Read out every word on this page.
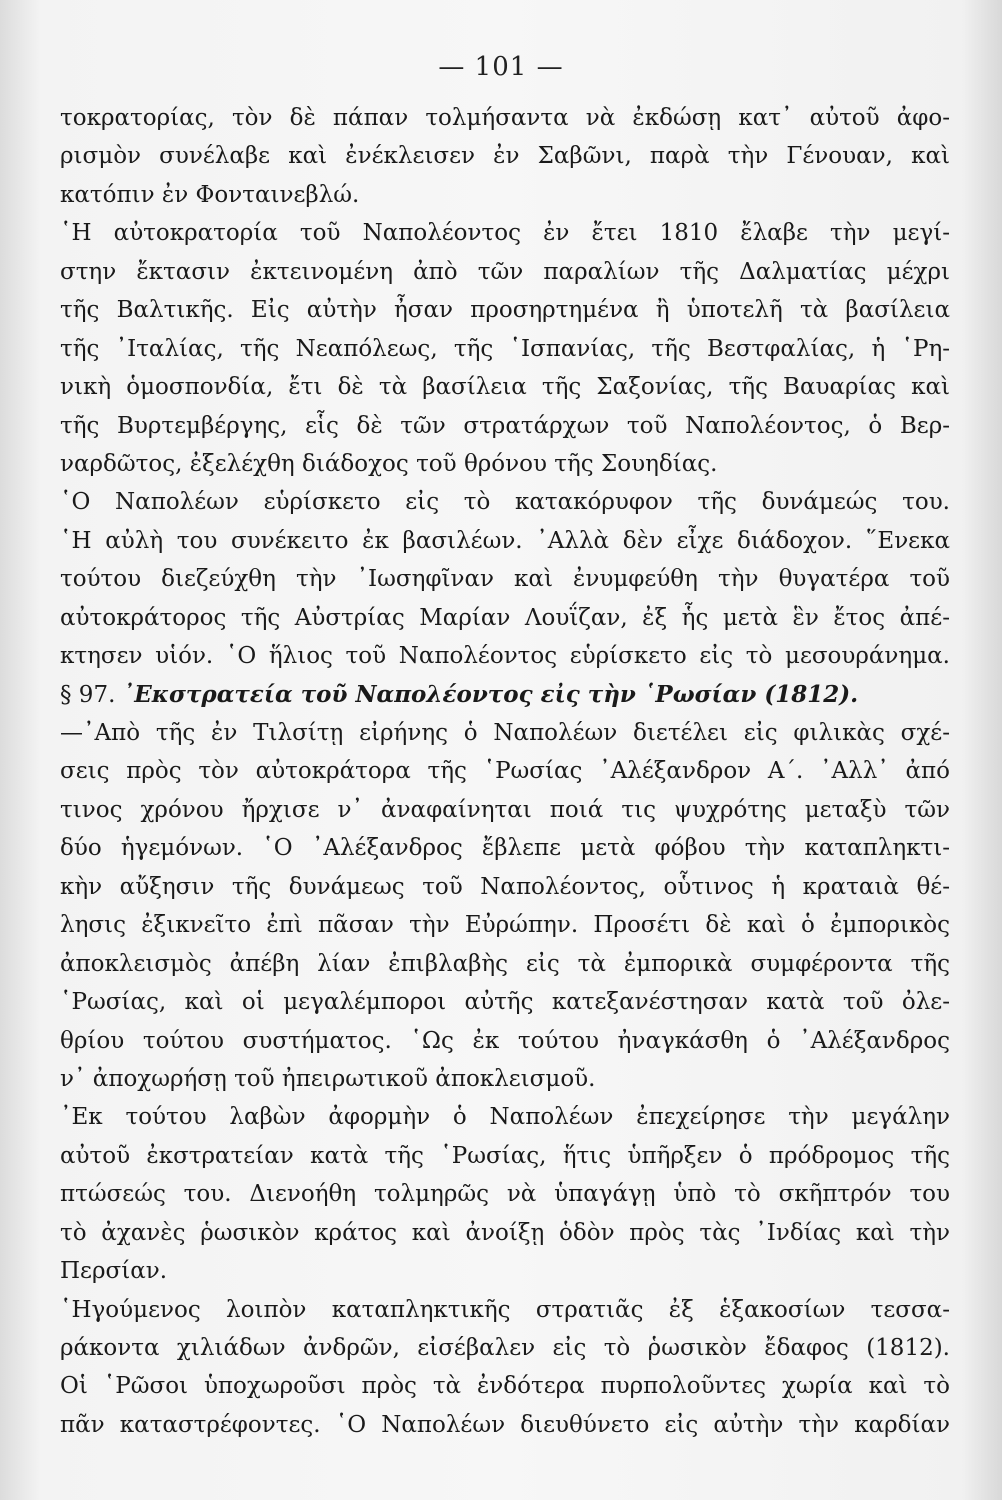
— 101 —
τοκρατορίας, τὸν δὲ πάπαν τολμήσαντα νὰ ἐκδώσῃ κατ᾽ αὐτοῦ ἀφο-
ρισμὸν συνέλαβε καὶ ἐνέκλεισεν ἐν Σαβῶνι, παρὰ τὴν Γένουαν, καὶ
κατόπιν ἐν Φονταινεβλώ.
῾Η αὐτοκρατορία τοῦ Ναπολέοντος ἐν ἔτει 1810 ἔλαβε τὴν μεγί-
στην ἔκτασιν ἐκτεινομένη ἀπὸ τῶν παραλίων τῆς Δαλματίας μέχρι
τῆς Βαλτικῆς. Εἰς αὐτὴν ἦσαν προσηρτημένα ἢ ὑποτελῆ τὰ βασίλεια
τῆς ᾿Ιταλίας, τῆς Νεαπόλεως, τῆς ῾Ισπανίας, τῆς Βεστφαλίας, ἡ ῾Ρη-
νικὴ ὁμοσπονδία, ἔτι δὲ τὰ βασίλεια τῆς Σαξονίας, τῆς Βαυαρίας καὶ
τῆς Βυρτεμβέργης, εἷς δὲ τῶν στρατάρχων τοῦ Ναπολέοντος, ὁ Βερ-
ναρδῶτος, ἐξελέχθη διάδοχος τοῦ θρόνου τῆς Σουηδίας.
῾Ο Ναπολέων εὑρίσκετο εἰς τὸ κατακόρυφον τῆς δυνάμεώς του.
῾Η αὐλὴ του συνέκειτο ἐκ βασιλέων. ᾿Αλλὰ δὲν εἶχε διάδοχον. ῞Ενεκα
τούτου διεζεύχθη τὴν ᾿Ιωσηφῖναν καὶ ἐνυμφεύθη τὴν θυγατέρα τοῦ
αὐτοκράτορος τῆς Αὐστρίας Μαρίαν Λουΐζαν, ἐξ ἧς μετὰ ἓν ἔτος ἀπέ-
κτησεν υἱόν. ῾Ο ἥλιος τοῦ Ναπολέοντος εὑρίσκετο εἰς τὸ μεσουράνημα.
§ 97. ᾿Εκστρατεία τοῦ Ναπολέοντος εἰς τὴν ῾Ρωσίαν (1812).
—᾿Απὸ τῆς ἐν Τιλσίτῃ εἰρήνης ὁ Ναπολέων διετέλει εἰς φιλικὰς σχέ-
σεις πρὸς τὸν αὐτοκράτορα τῆς ῾Ρωσίας ᾿Αλέξανδρον Α΄. ᾿Αλλ᾽ ἀπό
τινος χρόνου ἤρχισε ν᾽ ἀναφαίνηται ποιά τις ψυχρότης μεταξὺ τῶν
δύο ἡγεμόνων. ῾Ο ᾿Αλέξανδρος ἔβλεπε μετὰ φόβου τὴν καταπληκτι-
κὴν αὔξησιν τῆς δυνάμεως τοῦ Ναπολέοντος, οὗτινος ἡ κραταιὰ θέ-
λησις ἐξικνεῖτο ἐπὶ πᾶσαν τὴν Εὐρώπην. Προσέτι δὲ καὶ ὁ ἐμπορικὸς
ἀποκλεισμὸς ἀπέβη λίαν ἐπιβλαβὴς εἰς τὰ ἐμπορικὰ συμφέροντα τῆς
῾Ρωσίας, καὶ οἱ μεγαλέμποροι αὐτῆς κατεξανέστησαν κατὰ τοῦ ὀλε-
θρίου τούτου συστήματος. ῾Ως ἐκ τούτου ἠναγκάσθη ὁ ᾿Αλέξανδρος
ν᾽ ἀποχωρήσῃ τοῦ ἠπειρωτικοῦ ἀποκλεισμοῦ.
᾿Εκ τούτου λαβὼν ἀφορμὴν ὁ Ναπολέων ἐπεχείρησε τὴν μεγάλην
αὐτοῦ ἐκστρατείαν κατὰ τῆς ῾Ρωσίας, ἥτις ὑπῆρξεν ὁ πρόδρομος τῆς
πτώσεώς του. Διενοήθη τολμηρῶς νὰ ὑπαγάγῃ ὑπὸ τὸ σκῆπτρόν του
τὸ ἀχανὲς ῥωσικὸν κράτος καὶ ἀνοίξῃ ὁδὸν πρὸς τὰς ᾿Ινδίας καὶ τὴν
Περσίαν.
῾Ηγούμενος λοιπὸν καταπληκτικῆς στρατιᾶς ἐξ ἑξακοσίων τεσσα-
ράκοντα χιλιάδων ἀνδρῶν, εἰσέβαλεν εἰς τὸ ῥωσικὸν ἔδαφος (1812).
Οἱ ῾Ρῶσοι ὑποχωροῦσι πρὸς τὰ ἐνδότερα πυρπολοῦντες χωρία καὶ τὸ
πᾶν καταστρέφοντες. ῾Ο Ναπολέων διευθύνετο εἰς αὐτὴν τὴν καρδίαν
